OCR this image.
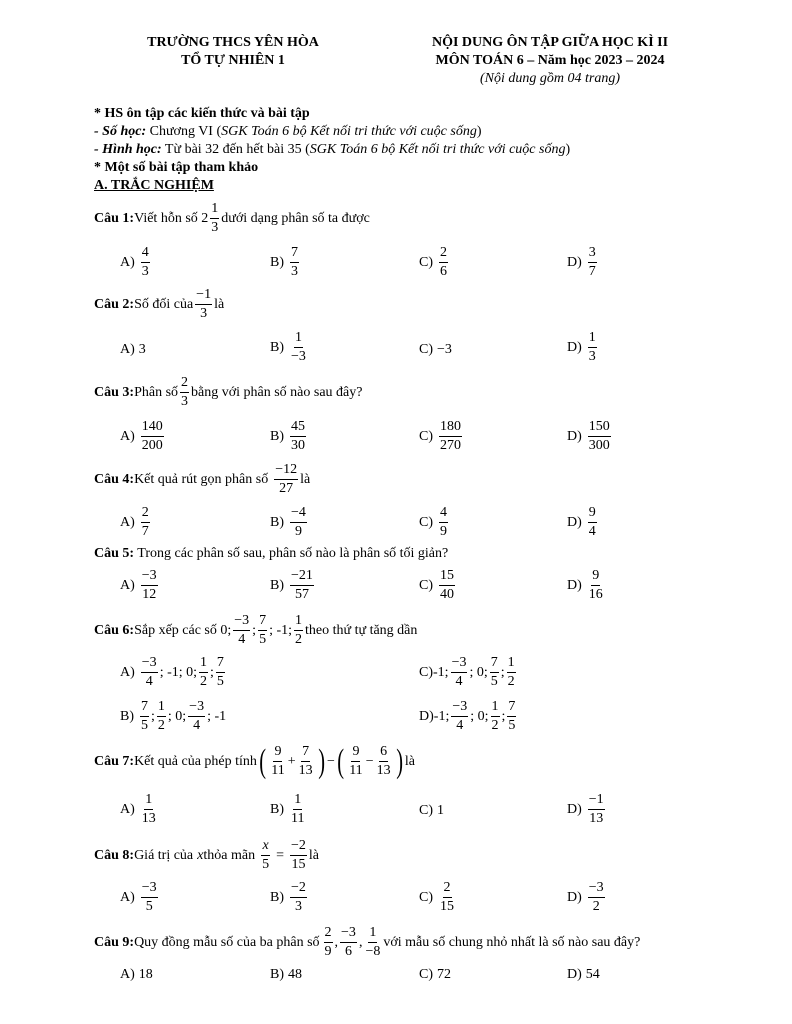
TRƯỜNG THCS YÊN HÒA
TỔ TỰ NHIÊN 1
NỘI DUNG ÔN TẬP GIỮA HỌC KÌ II
MÔN TOÁN 6 – Năm học 2023 – 2024
(Nội dung gồm 04 trang)
* HS ôn tập các kiến thức và bài tập
- Số học: Chương VI (SGK Toán 6 bộ Kết nối tri thức với cuộc sống)
- Hình học: Từ bài 32 đến hết bài 35 (SGK Toán 6 bộ Kết nối tri thức với cuộc sống)
* Một số bài tập tham khảo
A. TRẮC NGHIỆM
Câu 1: Viết hỗn số $2 \frac{1}{3}$ dưới dạng phân số ta được
$A) \frac{4}{3}$	$B) \frac{7}{3}$	$C) \frac{2}{6}$	$D) \frac{3}{7}$
Câu 2: Số đối của $\frac{-1}{3}$ là
A) 3	$B) \frac{1}{-3}$	C) −3	$D) \frac{1}{3}$
Câu 3: Phân số $\frac{2}{3}$ bằng với phân số nào sau đây?
$A) \frac{140}{200}$	$B) \frac{45}{30}$	$C) \frac{180}{270}$	$D) \frac{150}{300}$
Câu 4: Kết quả rút gọn phân số $\frac{-12}{27}$ là
$A) \frac{2}{7}$	$B) \frac{-4}{9}$	$C) \frac{4}{9}$	$D) \frac{9}{4}$
Câu 5: Trong các phân số sau, phân số nào là phân số tối giản?
$A) \frac{-3}{12}$	$B) \frac{-21}{57}$	$C) \frac{15}{40}$	$D) \frac{9}{16}$
Câu 6: Sắp xếp các số 0; $\frac{-3}{4}$ ; $\frac{7}{5}$ ; -1; $\frac{1}{2}$ theo thứ tự tăng dần
$A) \frac{-3}{4}$ ; -1; 0; $\frac{1}{2}$ ; $\frac{7}{5}$	C) -1; $\frac{-3}{4}$ ; 0; $\frac{7}{5}$ ; $\frac{1}{2}$
$B) \frac{7}{5}$ ; $\frac{1}{2}$ ; 0; $\frac{-3}{4}$ ; -1	D) -1; $\frac{-3}{4}$ ; 0; $\frac{1}{2}$ ; $\frac{7}{5}$
Câu 7: Kết quả của phép tính ( $\frac{9}{11} + \frac{7}{13}$ ) − ( $\frac{9}{11} - \frac{6}{13}$ ) là
$A) \frac{1}{13}$	$B) \frac{1}{11}$	C) 1	$D) \frac{-1}{13}$
Câu 8: Giá trị của x thỏa mãn $\frac{x}{5} = \frac{-2}{15}$ là
$A) \frac{-3}{5}$	$B) \frac{-2}{3}$	$C) \frac{2}{15}$	$D) \frac{-3}{2}$
Câu 9: Quy đồng mẫu số của ba phân số $\frac{2}{9}$ , $\frac{-3}{6}$ , $\frac{1}{-8}$ với mẫu số chung nhỏ nhất là số nào sau đây?
A) 18	B) 48	C) 72	D) 54
